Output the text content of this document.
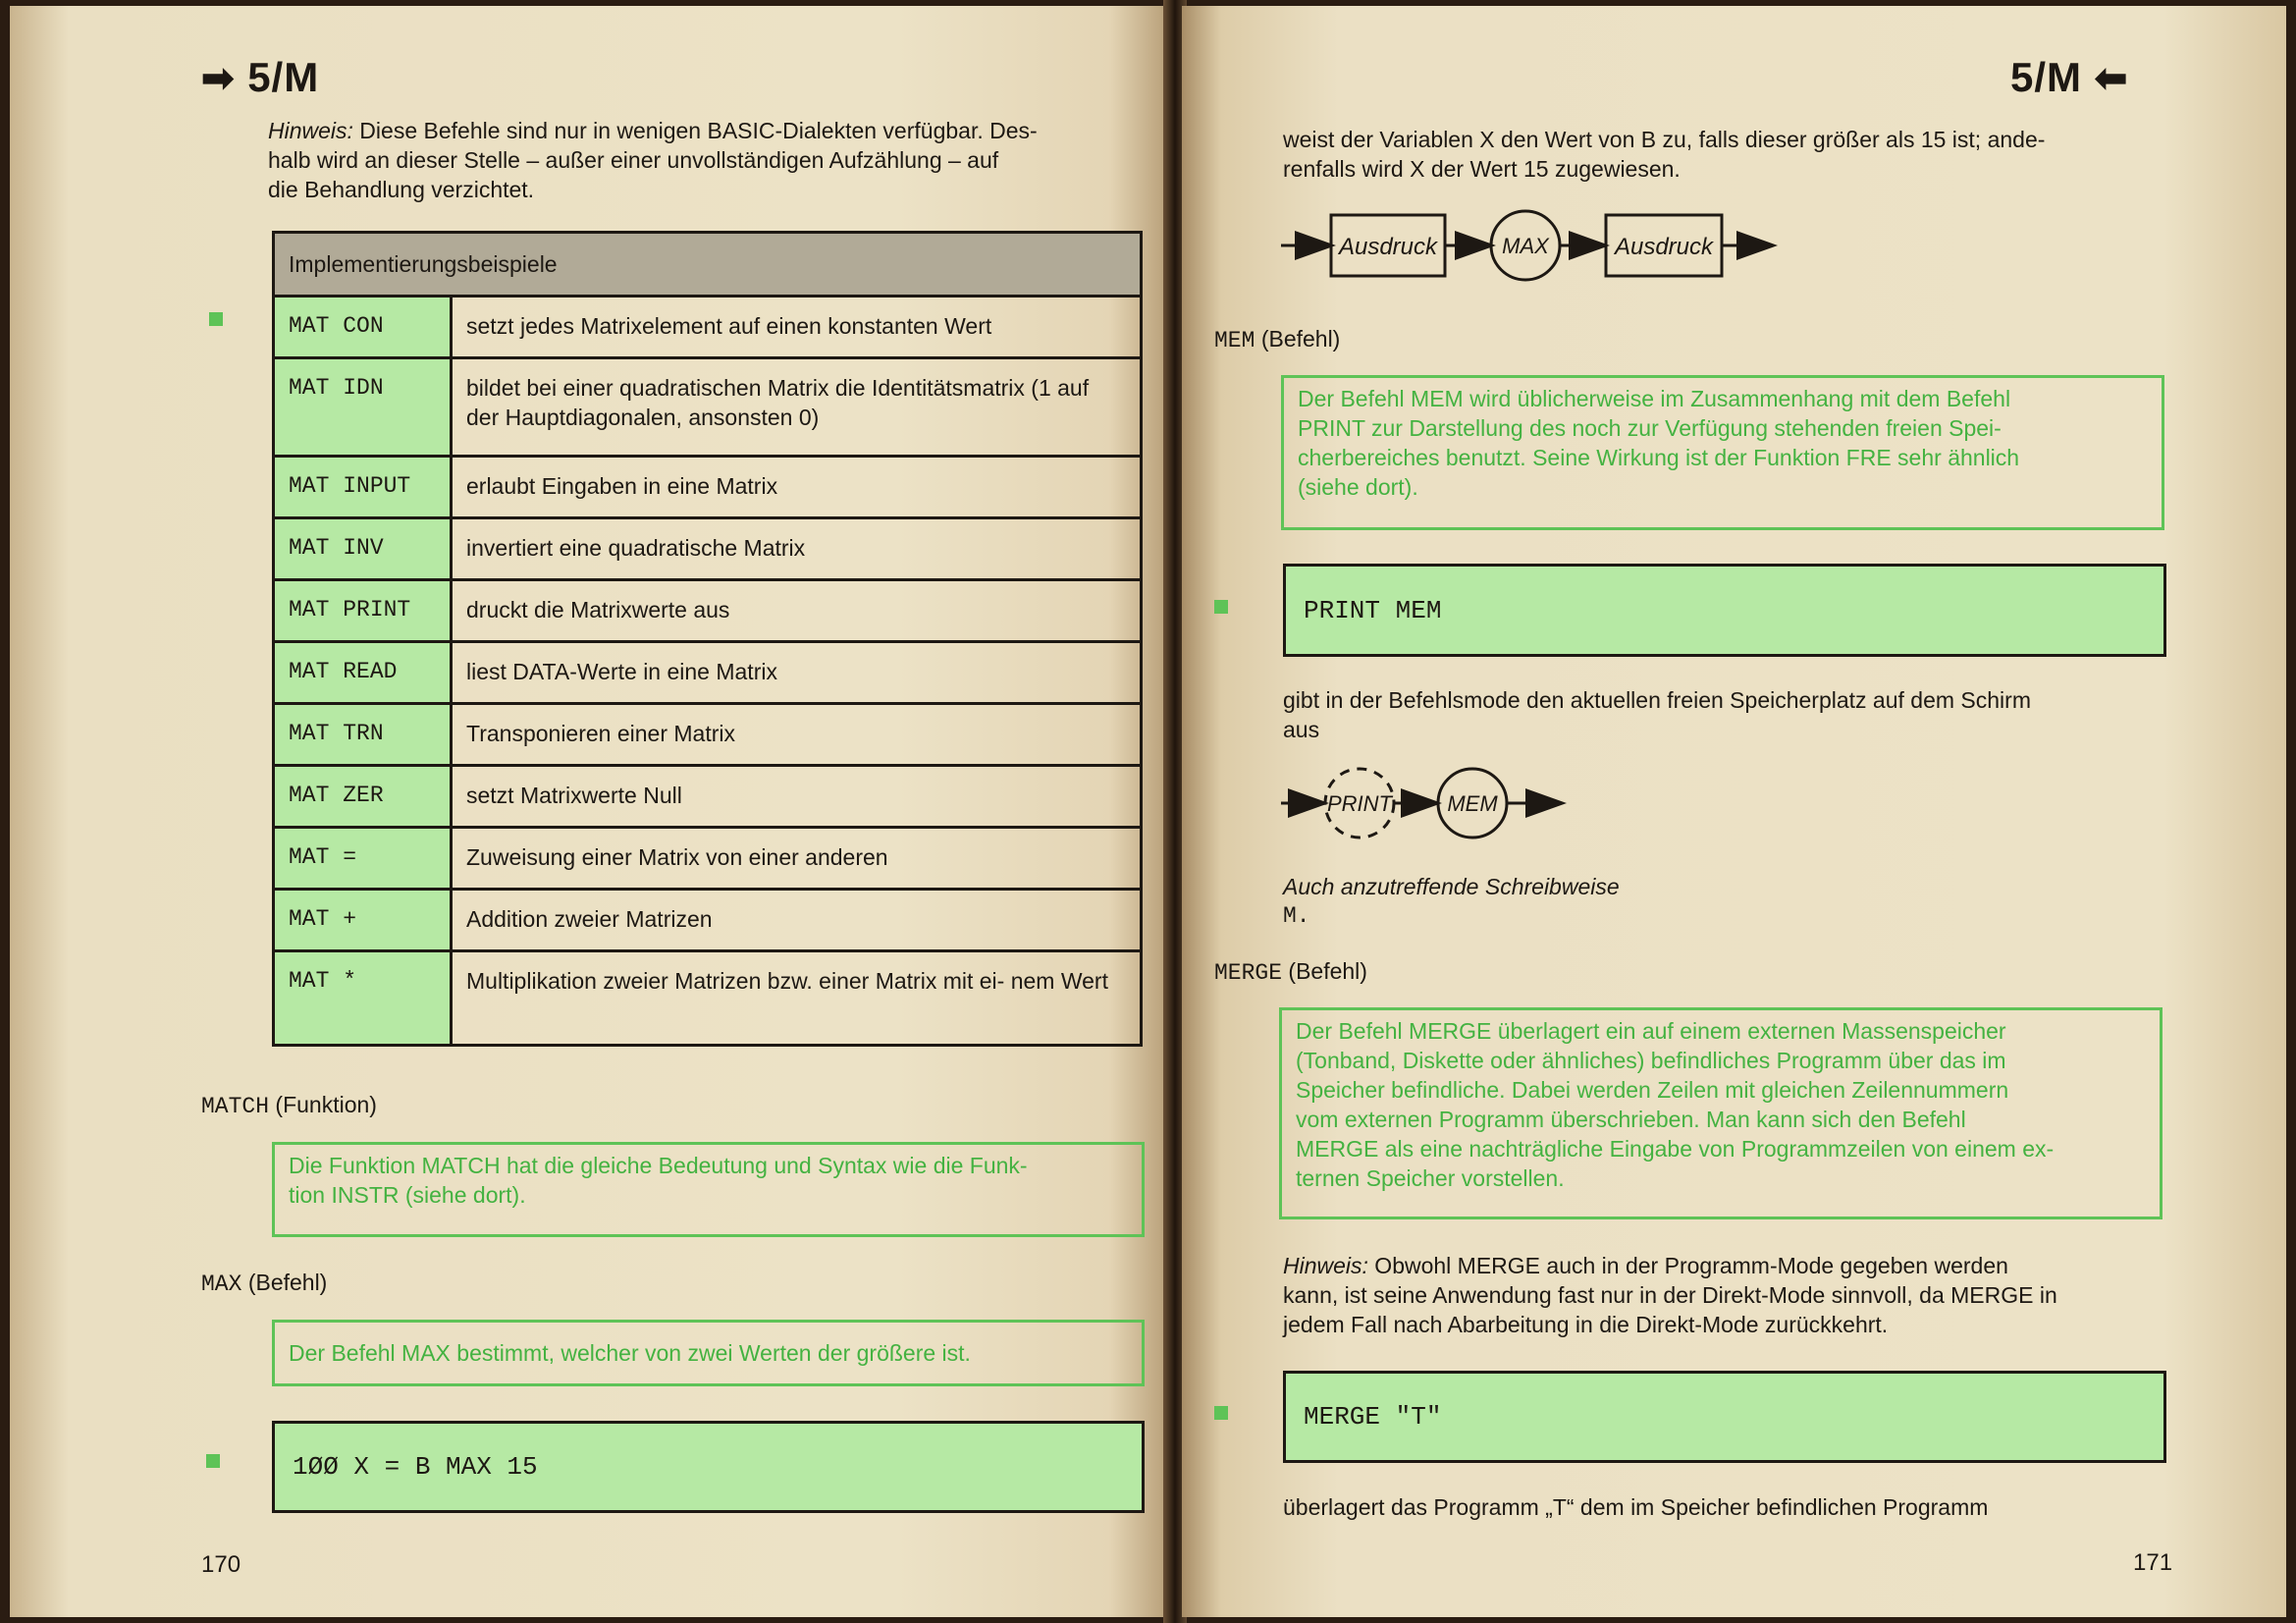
➡ 5/M
Hinweis: Diese Befehle sind nur in wenigen BASIC-Dialekten verfügbar. Des-
halb wird an dieser Stelle – außer einer unvollständigen Aufzählung – auf
die Behandlung verzichtet.
Implementierungsbeispiele	
MAT CON	setzt jedes Matrixelement auf einen konstanten Wert
MAT IDN	bildet bei einer quadratischen Matrix die Identitätsmatrix (1 auf der Hauptdiagonalen, ansonsten 0)
MAT INPUT	erlaubt Eingaben in eine Matrix
MAT INV	invertiert eine quadratische Matrix
MAT PRINT	druckt die Matrixwerte aus
MAT READ	liest DATA-Werte in eine Matrix
MAT TRN	Transponieren einer Matrix
MAT ZER	setzt Matrixwerte Null
MAT =	Zuweisung einer Matrix von einer anderen
MAT +	Addition zweier Matrizen
MAT *	Multiplikation zweier Matrizen bzw. einer Matrix mit ei- nem Wert
MATCH (Funktion)
Die Funktion MATCH hat die gleiche Bedeutung und Syntax wie die Funk-
tion INSTR (siehe dort).
MAX (Befehl)
Der Befehl MAX bestimmt, welcher von zwei Werten der größere ist.
1ØØ X = B MAX 15
170
5/M ⬅
weist der Variablen X den Wert von B zu, falls dieser größer als 15 ist; ande-
renfalls wird X der Wert 15 zugewiesen.
Ausdruck	MAX	Ausdruck
MEM (Befehl)
Der Befehl MEM wird üblicherweise im Zusammenhang mit dem Befehl
PRINT zur Darstellung des noch zur Verfügung stehenden freien Spei-
cherbereiches benutzt. Seine Wirkung ist der Funktion FRE sehr ähnlich
(siehe dort).
PRINT MEM
gibt in der Befehlsmode den aktuellen freien Speicherplatz auf dem Schirm
aus
PRINT	MEM
Auch anzutreffende Schreibweise
M.
MERGE (Befehl)
Der Befehl MERGE überlagert ein auf einem externen Massenspeicher
(Tonband, Diskette oder ähnliches) befindliches Programm über das im
Speicher befindliche. Dabei werden Zeilen mit gleichen Zeilennummern
vom externen Programm überschrieben. Man kann sich den Befehl
MERGE als eine nachträgliche Eingabe von Programmzeilen von einem ex-
ternen Speicher vorstellen.
Hinweis: Obwohl MERGE auch in der Programm-Mode gegeben werden
kann, ist seine Anwendung fast nur in der Direkt-Mode sinnvoll, da MERGE in
jedem Fall nach Abarbeitung in die Direkt-Mode zurückkehrt.
MERGE "T"
überlagert das Programm „T“ dem im Speicher befindlichen Programm
171
